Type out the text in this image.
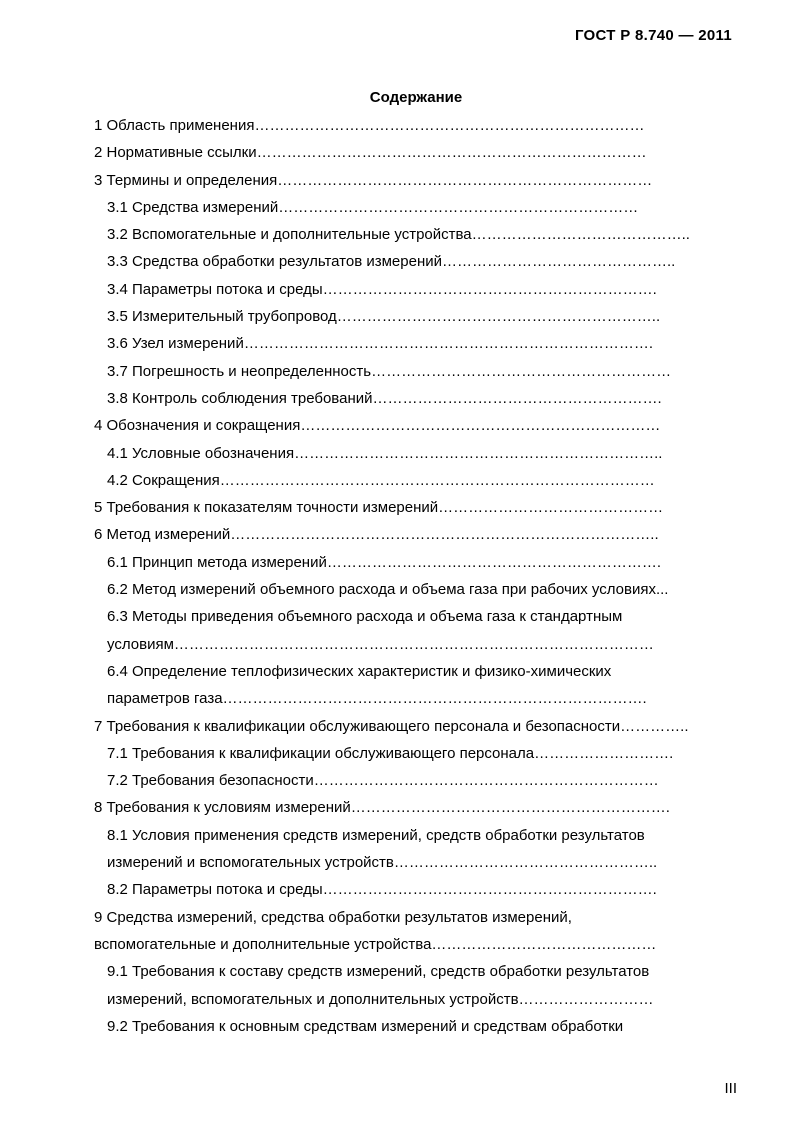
ГОСТ Р 8.740 — 2011
Содержание
1 Область применения……………………………………………………………………
2 Нормативные ссылки……………………………………………………………………
3 Термины и определения…………………………………………………………………
3.1 Средства измерений………………………………………………………………
3.2 Вспомогательные и дополнительные устройства……………………………………..
3.3 Средства обработки результатов измерений………………………………………..
3.4 Параметры потока и среды………………………………………………………….
3.5 Измерительный трубопровод………………………………………………………..
3.6 Узел измерений……………………………………………………………………….
3.7 Погрешность и неопределенность……………………………………………………
3.8 Контроль соблюдения требований………………………………………………….
4 Обозначения и сокращения………………………………………………………………
4.1 Условные обозначения………………………………………………………………..
4.2 Сокращения……………………………………………………………………………
5 Требования к показателям точности измерений………………………………………
6 Метод измерений…………………………………………………………………………..
6.1 Принцип метода измерений………………………………………………………….
6.2 Метод измерений объемного расхода и объема газа при рабочих условиях...
6.3 Методы приведения объемного расхода и объема газа к стандартным
условиям……………………………………………………………………………………
6.4 Определение теплофизических характеристик и физико-химических
параметров газа………………………………………………………………………….
7 Требования к квалификации обслуживающего персонала и безопасности…………..
7.1 Требования к квалификации обслуживающего персонала……………………….
7.2 Требования безопасности……………………………………………………………
8 Требования к условиям измерений……………………………………………………….
8.1 Условия применения средств измерений, средств обработки результатов
измерений и вспомогательных устройств……………………………………………..
8.2 Параметры потока и среды………………………………………………………….
9 Средства измерений, средства обработки результатов измерений,
вспомогательные и дополнительные устройства………………………………………
9.1 Требования к составу средств измерений, средств обработки результатов
измерений, вспомогательных и дополнительных устройств………………………
9.2 Требования к основным средствам измерений и средствам обработки
III
